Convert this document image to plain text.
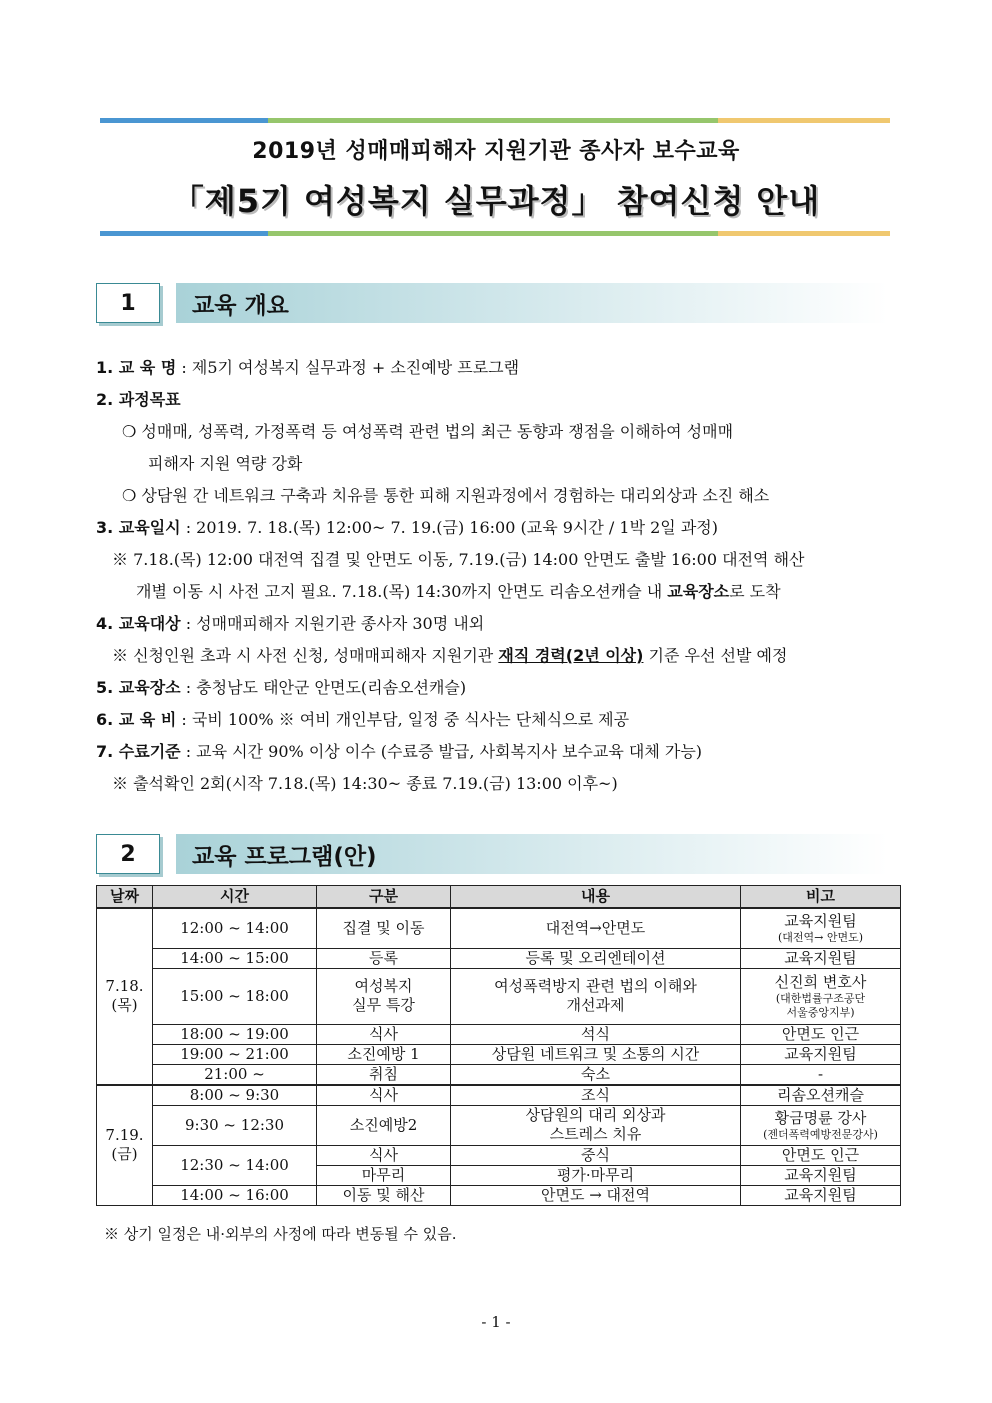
2019년 성매매피해자 지원기관 종사자 보수교육
「제5기 여성복지 실무과정」 참여신청 안내
1	교육 개요
1. 교 육 명 : 제5기 여성복지 실무과정 + 소진예방 프로그램
2. 과정목표
❍ 성매매, 성폭력, 가정폭력 등 여성폭력 관련 법의 최근 동향과 쟁점을 이해하여 성매매
피해자 지원 역량 강화
❍ 상담원 간 네트워크 구축과 치유를 통한 피해 지원과정에서 경험하는 대리외상과 소진 해소
3. 교육일시 : 2019. 7. 18.(목) 12:00~ 7. 19.(금) 16:00 (교육 9시간 / 1박 2일 과정)
※ 7.18.(목) 12:00 대전역 집결 및 안면도 이동, 7.19.(금) 14:00 안면도 출발 16:00 대전역 해산
개별 이동 시 사전 고지 필요. 7.18.(목) 14:30까지 안면도 리솜오션캐슬 내 교육장소로 도착
4. 교육대상 : 성매매피해자 지원기관 종사자 30명 내외
※ 신청인원 초과 시 사전 신청, 성매매피해자 지원기관 재직 경력(2년 이상) 기준 우선 선발 예정
5. 교육장소 : 충청남도 태안군 안면도(리솜오션캐슬)
6. 교 육 비 : 국비 100% ※ 여비 개인부담, 일정 중 식사는 단체식으로 제공
7. 수료기준 : 교육 시간 90% 이상 이수 (수료증 발급, 사회복지사 보수교육 대체 가능)
※ 출석확인 2회(시작 7.18.(목) 14:30~ 종료 7.19.(금) 13:00 이후~)
2	교육 프로그램(안)
날짜	시간	구분	내용	비고
7.18.
(목)	12:00 ~ 14:00	집결 및 이동	대전역→안면도	교육지원팀
(대전역→ 안면도)

	14:00 ~ 15:00	등록	등록 및 오리엔테이션	교육지원팀
	15:00 ~ 18:00	여성복지
실무 특강	여성폭력방지 관련 법의 이해와
개선과제	신진희 변호사
(대한법률구조공단
서울중앙지부)

	18:00 ~ 19:00	식사	석식	안면도 인근
	19:00 ~ 21:00	소진예방 1	상담원 네트워크 및 소통의 시간	교육지원팀
	21:00 ~	취침	숙소	-
7.19.
(금)	8:00 ~ 9:30	식사	조식	리솜오션캐슬
	9:30 ~ 12:30	소진예방2	상담원의 대리 외상과
스트레스 치유	황금명륜 강사
(젠더폭력예방전문강사)

	12:30 ~ 14:00	식사	중식	안면도 인근
		마무리	평가·마무리	교육지원팀
	14:00 ~ 16:00	이동 및 해산	안면도 → 대전역	교육지원팀
※ 상기 일정은 내·외부의 사정에 따라 변동될 수 있음.
- 1 -
